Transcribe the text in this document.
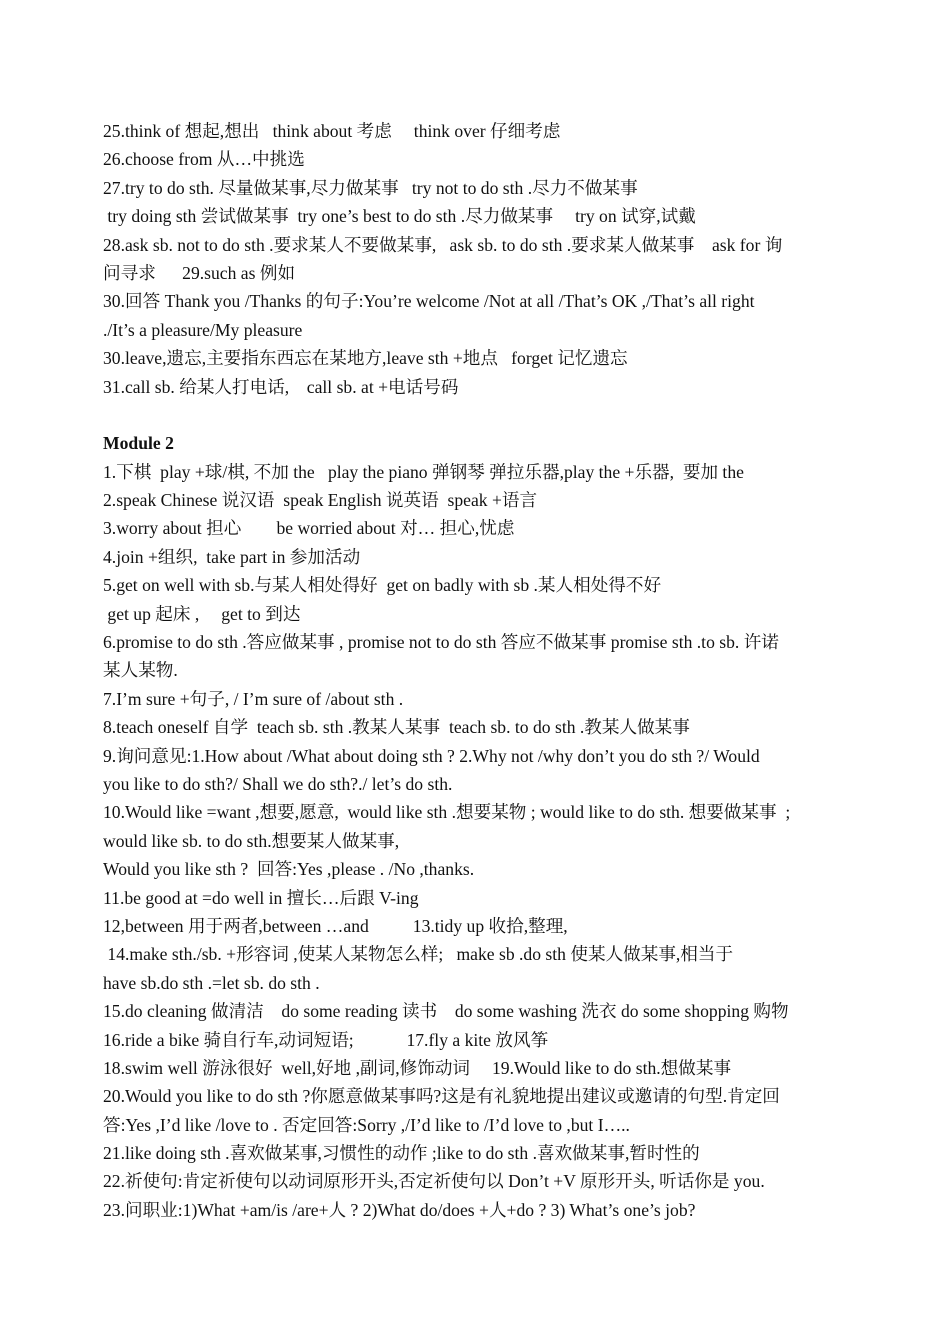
25.think of 想起,想出   think about 考虑     think over 仔细考虑
26.choose from 从…中挑选
27.try to do sth. 尽量做某事,尽力做某事   try not to do sth .尽力不做某事
try doing sth 尝试做某事  try one’s best to do sth .尽力做某事     try on 试穿,试戴
28.ask sb. not to do sth .要求某人不要做某事,   ask sb. to do sth .要求某人做某事    ask for 询
问寻求      29.such as 例如
30.回答 Thank you /Thanks 的句子:You’re welcome /Not at all /That’s OK ,/That’s all right
./It’s a pleasure/My pleasure
30.leave,遗忘,主要指东西忘在某地方,leave sth +地点   forget 记忆遗忘
31.call sb. 给某人打电话,    call sb. at +电话号码
Module 2
1.下棋  play +球/棋, 不加 the   play the piano 弹钢琴 弹拉乐器,play the +乐器,  要加 the
2.speak Chinese 说汉语  speak English 说英语  speak +语言
3.worry about 担心        be worried about 对… 担心,忧虑
4.join +组织,  take part in 参加活动
5.get on well with sb.与某人相处得好  get on badly with sb .某人相处得不好
get up 起床 ,     get to 到达
6.promise to do sth .答应做某事 , promise not to do sth 答应不做某事 promise sth .to sb. 许诺
某人某物.
7.I’m sure +句子, / I’m sure of /about sth .
8.teach oneself 自学  teach sb. sth .教某人某事  teach sb. to do sth .教某人做某事
9.询问意见:1.How about /What about doing sth ? 2.Why not /why don’t you do sth ?/ Would
you like to do sth?/ Shall we do sth?./ let’s do sth.
10.Would like =want ,想要,愿意,  would like sth .想要某物 ; would like to do sth. 想要做某事  ;
would like sb. to do sth.想要某人做某事,
Would you like sth ?  回答:Yes ,please . /No ,thanks.
11.be good at =do well in 擅长…后跟 V-ing
12,between 用于两者,between …and          13.tidy up 收拾,整理,
14.make sth./sb. +形容词 ,使某人某物怎么样;   make sb .do sth 使某人做某事,相当于
have sb.do sth .=let sb. do sth .
15.do cleaning 做清洁    do some reading 读书    do some washing 洗衣 do some shopping 购物
16.ride a bike 骑自行车,动词短语;            17.fly a kite 放风筝
18.swim well 游泳很好  well,好地 ,副词,修饰动词     19.Would like to do sth.想做某事
20.Would you like to do sth ?你愿意做某事吗?这是有礼貌地提出建议或邀请的句型.肯定回
答:Yes ,I’d like /love to . 否定回答:Sorry ,/I’d like to /I’d love to ,but I…..
21.like doing sth .喜欢做某事,习惯性的动作 ;like to do sth .喜欢做某事,暂时性的
22.祈使句:肯定祈使句以动词原形开头,否定祈使句以 Don’t +V 原形开头, 听话你是 you.
23.问职业:1)What +am/is /are+人 ? 2)What do/does +人+do ? 3) What’s one’s job?
